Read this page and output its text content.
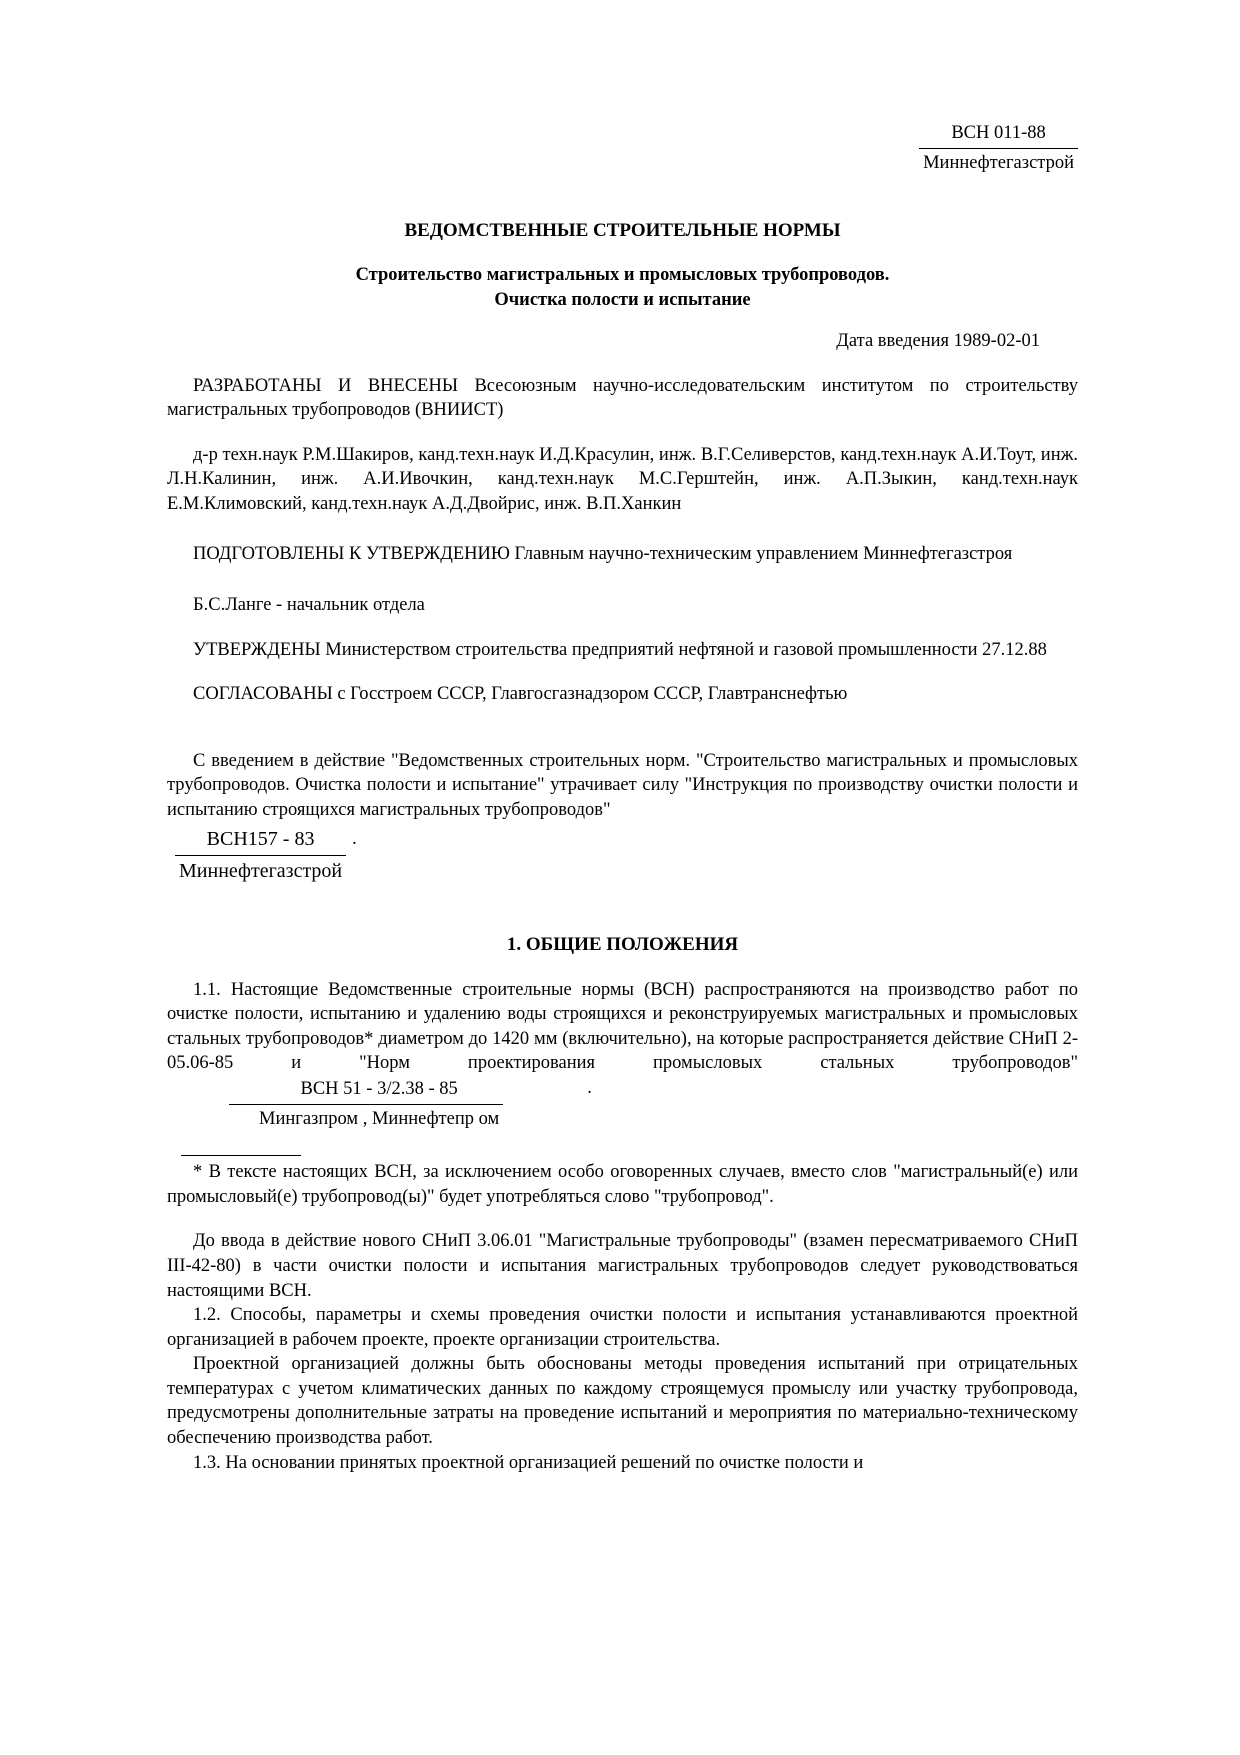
$\frac{\text{ВСН 011-88}}{\text{Миннефтегазстрой}}$
ВЕДОМСТВЕННЫЕ СТРОИТЕЛЬНЫЕ НОРМЫ
Строительство магистральных и промысловых трубопроводов.
Очистка полости и испытание
Дата введения 1989-02-01

РАЗРАБОТАНЫ И ВНЕСЕНЫ Всесоюзным научно-исследовательским институтом по строительству магистральных трубопроводов (ВНИИСТ)

д-р техн.наук Р.М.Шакиров, канд.техн.наук И.Д.Красулин, инж. В.Г.Селиверстов, канд.техн.наук А.И.Тоут, инж. Л.Н.Калинин, инж. А.И.Ивочкин, канд.техн.наук М.С.Герштейн, инж. А.П.Зыкин, канд.техн.наук Е.М.Климовский, канд.техн.наук А.Д.Двойрис, инж. В.П.Ханкин

ПОДГОТОВЛЕНЫ К УТВЕРЖДЕНИЮ Главным научно-техническим управлением Миннефтегазстроя

Б.С.Ланге - начальник отдела

УТВЕРЖДЕНЫ Министерством строительства предприятий нефтяной и газовой промышленности 27.12.88

СОГЛАСОВАНЫ с Госстроем СССР, Главгосгазнадзором СССР, Главтранснефтью

С введением в действие "Ведомственных строительных норм. "Строительство магистральных и промысловых трубопроводов. Очистка полости и испытание" утрачивает силу "Инструкция по производству очистки полости и испытанию строящихся магистральных трубопроводов"

$\frac{\text{ВСН157 - 83}}{\text{Миннефтегазстрой}}$ .
1. ОБЩИЕ ПОЛОЖЕНИЯ

1.1. Настоящие Ведомственные строительные нормы (ВСН) распространяются на производство работ по очистке полости, испытанию и удалению воды строящихся и реконструируемых магистральных и промысловых стальных трубопроводов* диаметром до 1420 мм (включительно), на которые распространяется действие СНиП 2-05.06-85 и "Норм проектирования промысловых стальных трубопроводов"
$\frac{\text{ВСН 51 - 3/2.38 - 85}}{\text{Мингазпром , Миннефтепр ом}}$	.

* В тексте настоящих ВСН, за исключением особо оговоренных случаев, вместо слов "магистральный(е) или промысловый(е) трубопровод(ы)" будет употребляться слово "трубопровод".

До ввода в действие нового СНиП 3.06.01 "Магистральные трубопроводы" (взамен пересматриваемого СНиП III-42-80) в части очистки полости и испытания магистральных трубопроводов следует руководствоваться настоящими ВСН.

1.2. Способы, параметры и схемы проведения очистки полости и испытания устанавливаются проектной организацией в рабочем проекте, проекте организации строительства.

Проектной организацией должны быть обоснованы методы проведения испытаний при отрицательных температурах с учетом климатических данных по каждому строящемуся промыслу или участку трубопровода, предусмотрены дополнительные затраты на проведение испытаний и мероприятия по материально-техническому обеспечению производства работ.

1.3. На основании принятых проектной организацией решений по очистке полости и
